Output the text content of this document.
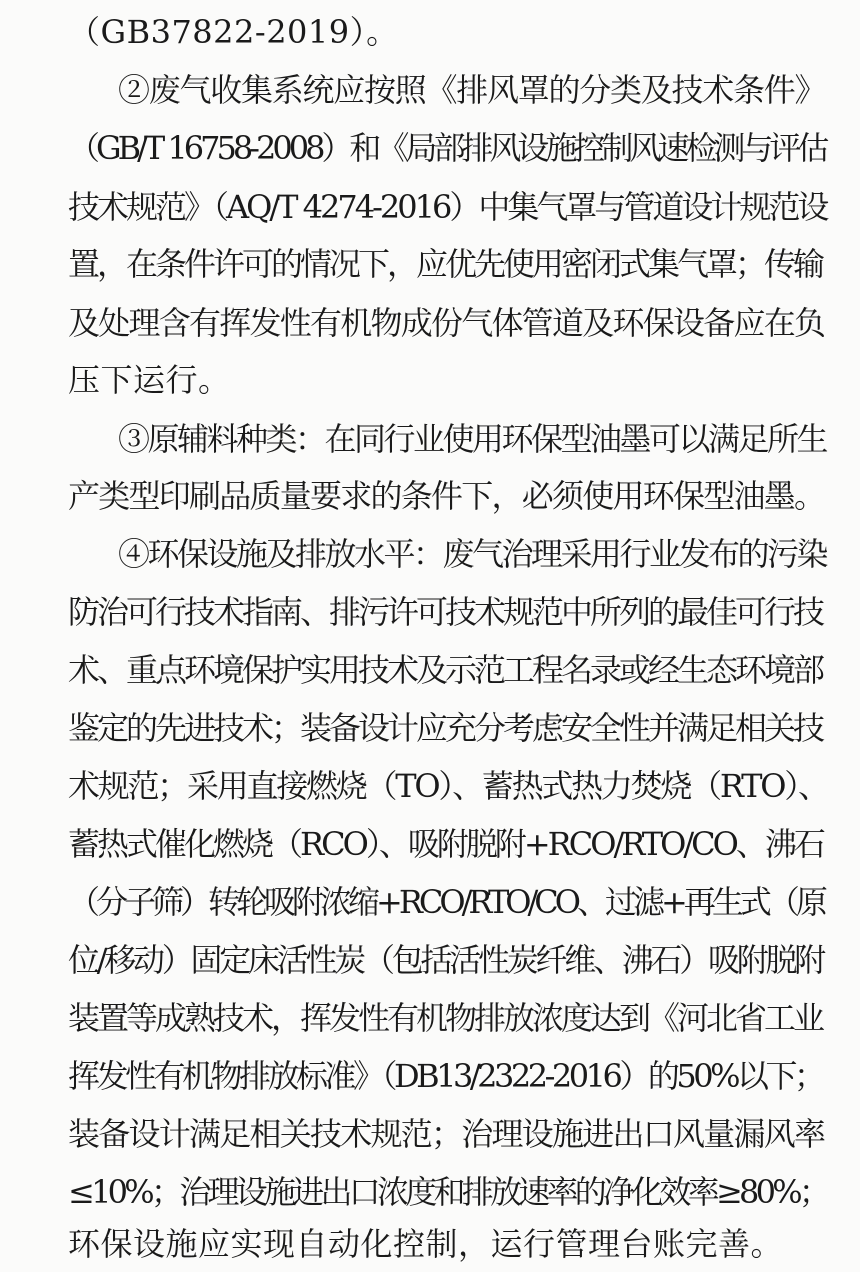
（GB37822-2019）。
②废气收集系统应按照《排风罩的分类及技术条件》
（GB/T 16758-2008）和《局部排风设施控制风速检测与评估
技术规范》（AQ/T 4274-2016）中集气罩与管道设计规范设
置，在条件许可的情况下，应优先使用密闭式集气罩；传输
及处理含有挥发性有机物成份气体管道及环保设备应在负
压下运行。
③原辅料种类：在同行业使用环保型油墨可以满足所生
产类型印刷品质量要求的条件下，必须使用环保型油墨。
④环保设施及排放水平：废气治理采用行业发布的污染
防治可行技术指南、排污许可技术规范中所列的最佳可行技
术、重点环境保护实用技术及示范工程名录或经生态环境部
鉴定的先进技术；装备设计应充分考虑安全性并满足相关技
术规范；采用直接燃烧（TO）、蓄热式热力焚烧（RTO）、
蓄热式催化燃烧（RCO）、吸附脱附+RCO/RTO/CO、沸石
（分子筛）转轮吸附浓缩+RCO/RTO/CO、过滤+再生式（原
位/移动）固定床活性炭（包括活性炭纤维、沸石）吸附脱附
装置等成熟技术，挥发性有机物排放浓度达到《河北省工业
挥发性有机物排放标准》（DB13/2322-2016）的50%以下；
装备设计满足相关技术规范；治理设施进出口风量漏风率
≤10%；治理设施进出口浓度和排放速率的净化效率≥80%；
环保设施应实现自动化控制，运行管理台账完善。
